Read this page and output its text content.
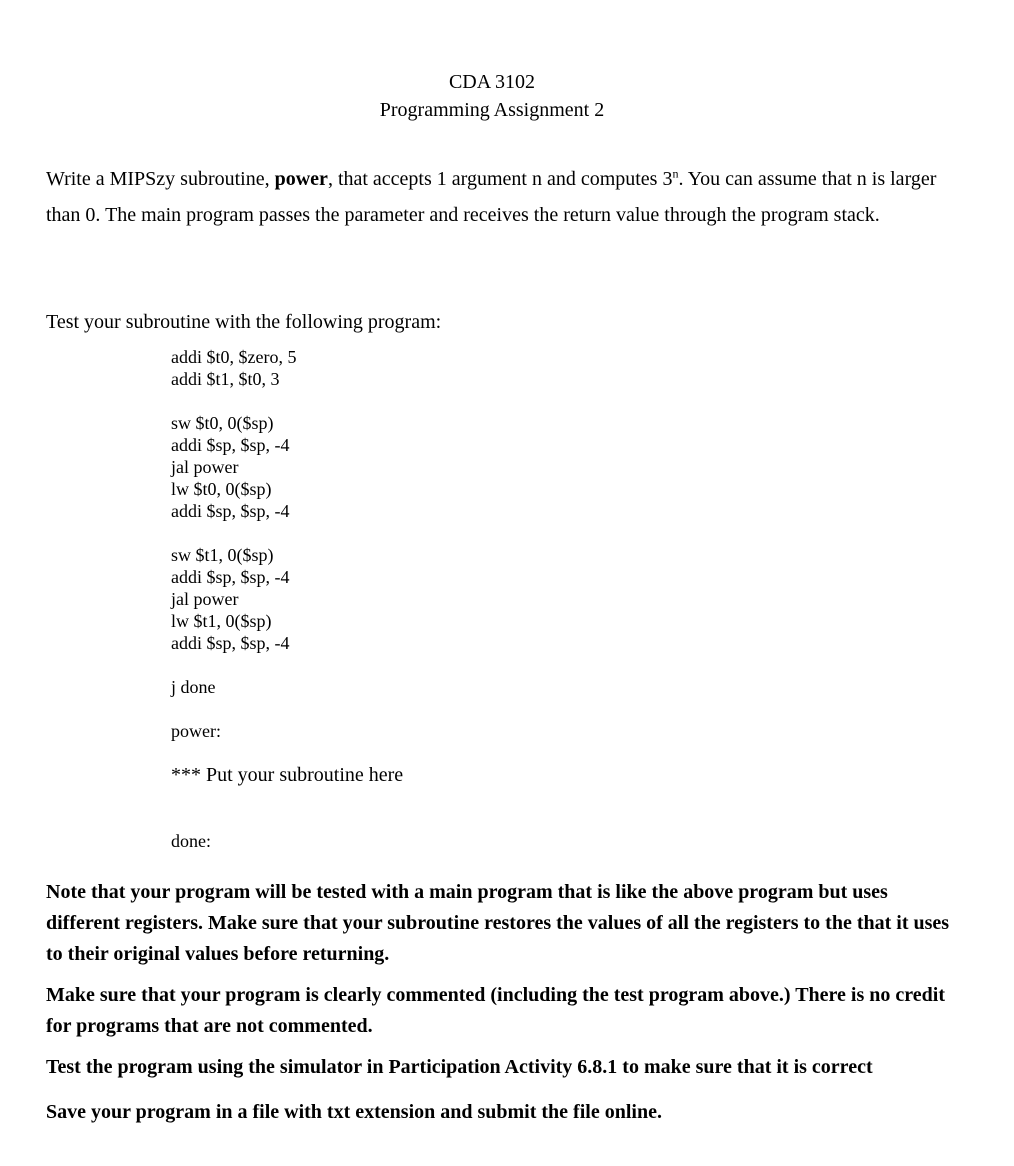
CDA 3102
Programming Assignment 2

Write a MIPSzy subroutine, power, that accepts 1 argument n and computes 3$^n$. You can assume that n is larger than 0. The main program passes the parameter and receives the return value through the program stack.

Test your subroutine with the following program:

addi $t0, $zero, 5
addi $t1, $t0, 3
sw $t0, 0($sp)
addi $sp, $sp, -4
jal power
lw $t0, 0($sp)
addi $sp, $sp, -4
sw $t1, 0($sp)
addi $sp, $sp, -4
jal power
lw $t1, 0($sp)
addi $sp, $sp, -4
j done
power:
*** Put your subroutine here
done:

Note that your program will be tested with a main program that is like the above program but uses different registers. Make sure that your subroutine restores the values of all the registers to the that it uses to their original values before returning.

Make sure that your program is clearly commented (including the test program above.) There is no credit for programs that are not commented.

Test the program using the simulator in Participation Activity 6.8.1 to make sure that it is correct

Save your program in a file with txt extension and submit the file online.
